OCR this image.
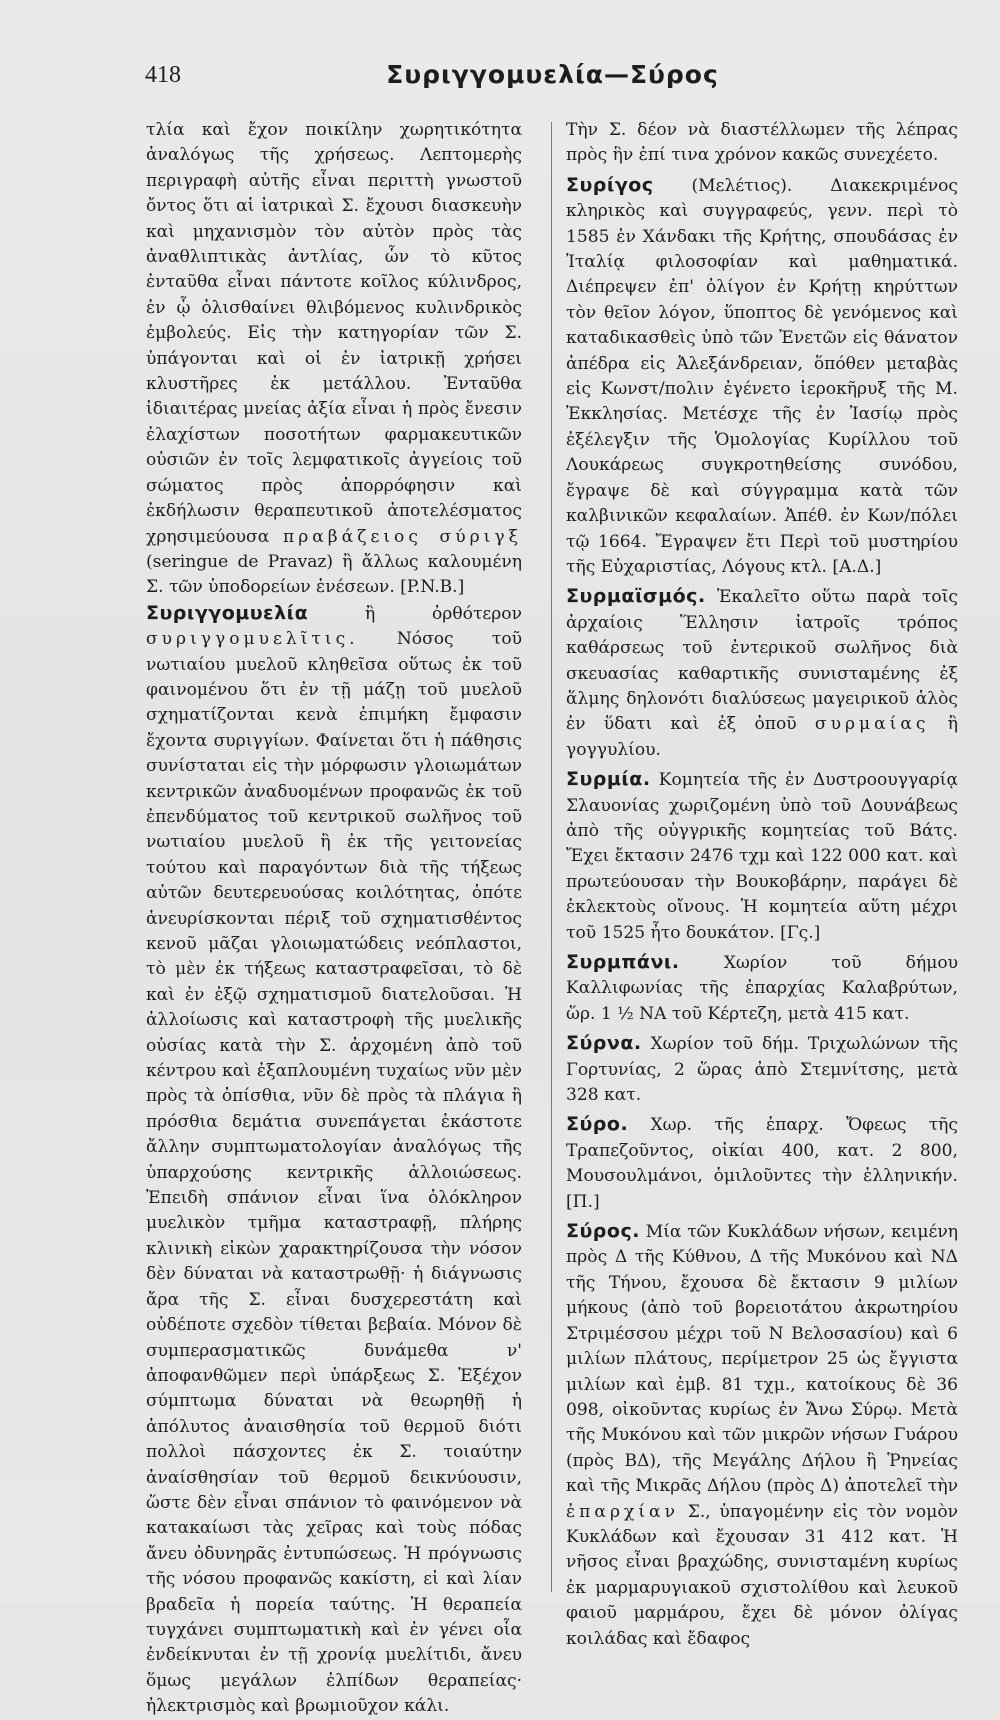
418	Συριγγομυελία—Σύρος

τλία καὶ ἔχον ποικίλην χωρητικότητα ἀναλόγως τῆς χρήσεως. Λεπτομερὴς περιγραφὴ αὐτῆς εἶναι περιττὴ γνωστοῦ ὄντος ὅτι αἱ ἰατρικαὶ Σ. ἔχουσι διασκευὴν καὶ μηχανισμὸν τὸν αὐτὸν πρὸς τὰς ἀναθλιπτικὰς ἀντλίας, ὧν τὸ κῦτος ἐνταῦθα εἶναι πάντοτε κοῖλος κύλινδρος, ἐν ᾧ ὀλισθαίνει θλιβόμενος κυλινδρικὸς ἐμβολεύς. Εἰς τὴν κατηγορίαν τῶν Σ. ὑπάγονται καὶ οἱ ἐν ἰατρικῇ χρήσει κλυστῆρες ἐκ μετάλλου. Ἐνταῦθα ἰδιαιτέρας μνείας ἀξία εἶναι ἡ πρὸς ἔνεσιν ἐλαχίστων ποσοτήτων φαρμακευτικῶν οὐσιῶν ἐν τοῖς λεμφατικοῖς ἀγγείοις τοῦ σώματος πρὸς ἀπορρόφησιν καὶ ἐκδήλωσιν θεραπευτικοῦ ἀποτελέσματος χρησιμεύουσα πραβάζειος σύριγξ (seringue de Pravaz) ἢ ἄλλως καλουμένη Σ. τῶν ὑποδορείων ἐνέσεων. [P.N.B.]

Συριγγομυελία	ἢ ὀρθότερον συριγγομυελῖτις. Νόσος τοῦ νωτιαίου μυελοῦ κληθεῖσα οὕτως ἐκ τοῦ φαινομένου ὅτι ἐν τῇ μάζῃ τοῦ μυελοῦ σχηματίζονται κενὰ ἐπιμήκη ἔμφασιν ἔχοντα συριγγίων. Φαίνεται ὅτι ἡ πάθησις συνίσταται εἰς τὴν μόρφωσιν γλοιωμάτων κεντρικῶν ἀναδυομένων προφανῶς ἐκ τοῦ ἐπενδύματος τοῦ κεντρικοῦ σωλῆνος τοῦ νωτιαίου μυελοῦ ἢ ἐκ τῆς γειτονείας τούτου καὶ παραγόντων διὰ τῆς τήξεως αὐτῶν δευτερευούσας κοιλότητας, ὁπότε ἀνευρίσκονται πέριξ τοῦ σχηματισθέντος κενοῦ μᾶζαι γλοιωματώδεις νεόπλαστοι, τὸ μὲν ἐκ τήξεως καταστραφεῖσαι, τὸ δὲ καὶ ἐν ἐξῷ σχηματισμοῦ διατελοῦσαι. Ἡ ἀλλοίωσις καὶ καταστροφὴ τῆς μυελικῆς οὐσίας κατὰ τὴν Σ. ἀρχομένη ἀπὸ τοῦ κέντρου καὶ ἐξαπλουμένη τυχαίως νῦν μὲν πρὸς τὰ ὀπίσθια, νῦν δὲ πρὸς τὰ πλάγια ἢ πρόσθια δεμάτια συνεπάγεται ἑκάστοτε ἄλλην συμπτωματολογίαν ἀναλόγως τῆς ὑπαρχούσης κεντρικῆς ἀλλοιώσεως. Ἐπειδὴ σπάνιον εἶναι ἵνα ὁλόκληρον μυελικὸν τμῆμα καταστραφῇ, πλήρης κλινικὴ εἰκὼν χαρακτηρίζουσα τὴν νόσον δὲν δύναται νὰ καταστρωθῇ· ἡ διάγνωσις ἄρα τῆς Σ. εἶναι δυσχερεστάτη καὶ οὐδέποτε σχεδὸν τίθεται βεβαία. Μόνον δὲ συμπερασματικῶς δυνάμεθα ν' ἀποφανθῶμεν περὶ ὑπάρξεως Σ. Ἐξέχον σύμπτωμα δύναται νὰ θεωρηθῇ ἡ ἀπόλυτος ἀναισθησία τοῦ θερμοῦ διότι πολλοὶ πάσχοντες ἐκ Σ. τοιαύτην ἀναίσθησίαν τοῦ θερμοῦ δεικνύουσιν, ὥστε δὲν εἶναι σπάνιον τὸ φαινόμενον νὰ κατακαίωσι τὰς χεῖρας καὶ τοὺς πόδας ἄνευ ὀδυνηρᾶς ἐντυπώσεως. Ἡ πρόγνωσις τῆς νόσου προφανῶς κακίστη, εἰ καὶ λίαν βραδεῖα ἡ πορεία ταύτης. Ἡ θεραπεία τυγχάνει συμπτωματικὴ καὶ ἐν γένει οἷα ἐνδείκνυται ἐν τῇ χρονίᾳ μυελίτιδι, ἄνευ ὅμως μεγάλων ἐλπίδων θεραπείας· ἠλεκτρισμὸς καὶ βρωμιοῦχον κάλι.

Τὴν Σ. δέον νὰ διαστέλλωμεν τῆς λέπρας πρὸς ἣν ἐπί τινα χρόνον κακῶς συνεχέετο.

Συρίγος (Μελέτιος). Διακεκριμένος κληρικὸς καὶ συγγραφεύς, γενν. περὶ τὸ 1585 ἐν Χάνδακι τῆς Κρήτης, σπουδάσας ἐν Ἰταλίᾳ φιλοσοφίαν καὶ μαθηματικά. Διέπρεψεν ἐπ' ὀλίγον ἐν Κρήτῃ κηρύττων τὸν θεῖον λόγον, ὕποπτος δὲ γενόμενος καὶ καταδικασθεὶς ὑπὸ τῶν Ἐνετῶν εἰς θάνατον ἀπέδρα εἰς Ἀλεξάνδρειαν, ὅπόθεν μεταβὰς εἰς Κωνστ/πολιν ἐγένετο ἱεροκῆρυξ τῆς Μ. Ἐκκλησίας. Μετέσχε τῆς ἐν Ἰασίῳ πρὸς ἐξέλεγξιν τῆς Ὁμολογίας Κυρίλλου τοῦ Λουκάρεως συγκροτηθείσης συνόδου, ἔγραψε δὲ καὶ σύγγραμμα κατὰ τῶν καλβινικῶν κεφαλαίων. Ἀπέθ. ἐν Κων/πόλει τῷ 1664. Ἔγραψεν ἔτι Περὶ τοῦ μυστηρίου τῆς Εὐχαριστίας, Λόγους κτλ. [Α.Δ.]

Συρμαϊσμός. Ἐκαλεῖτο οὕτω παρὰ τοῖς ἀρχαίοις Ἕλλησιν ἰατροῖς τρόπος καθάρσεως τοῦ ἐντερικοῦ σωλῆνος διὰ σκευασίας καθαρτικῆς συνισταμένης ἐξ ἅλμης δηλονότι διαλύσεως μαγειρικοῦ ἁλὸς ἐν ὕδατι καὶ ἐξ ὀποῦ συρμαίας ἢ γογγυλίου.

Συρμία. Κομητεία τῆς ἐν Δυστροουγγαρίᾳ Σλαυονίας χωριζομένη ὑπὸ τοῦ Δουνάβεως ἀπὸ τῆς οὐγγρικῆς κομητείας τοῦ Βάτς. Ἔχει ἔκτασιν 2476 τχμ καὶ 122 000 κατ. καὶ πρωτεύουσαν τὴν Βουκοβάρην, παράγει δὲ ἐκλεκτοὺς οἴνους. Ἡ κομητεία αὕτη μέχρι τοῦ 1525 ἦτο δουκάτον. [Γς.]

Συρμπάνι.	Χωρίον τοῦ δήμου Καλλιφωνίας τῆς ἐπαρχίας Καλαβρύτων, ὥρ. 1 ½ ΝΑ τοῦ Κέρτεζη, μετὰ 415 κατ.

Σύρνα. Χωρίον τοῦ δήμ. Τριχωλώνων τῆς Γορτυνίας, 2 ὥρας ἀπὸ Στεμνίτσης, μετὰ 328 κατ.

Σύρο. Χωρ. τῆς ἐπαρχ. Ὄφεως τῆς Τραπεζοῦντος, οἰκίαι 400, κατ. 2 800, Μουσουλμάνοι, ὁμιλοῦντες τὴν ἑλληνικήν. [Π.]

Σύρος. Μία τῶν Κυκλάδων νήσων, κειμένη πρὸς Δ τῆς Κύθνου, Δ τῆς Μυκόνου καὶ ΝΔ τῆς Τήνου, ἔχουσα δὲ ἔκτασιν 9 μιλίων μήκους (ἀπὸ τοῦ βορειοτάτου ἀκρωτηρίου Στριμέσσου μέχρι τοῦ Ν Βελοσασίου) καὶ 6 μιλίων πλάτους, περίμετρον 25 ὡς ἔγγιστα μιλίων καὶ ἐμβ. 81 τχμ., κατοίκους δὲ 36 098, οἰκοῦντας κυρίως ἐν Ἄνω Σύρῳ. Μετὰ τῆς Μυκόνου καὶ τῶν μικρῶν νήσων Γυάρου (πρὸς ΒΔ), τῆς Μεγάλης Δήλου ἢ Ῥηνείας καὶ τῆς Μικρᾶς Δήλου (πρὸς Δ) ἀποτελεῖ τὴν ἐπαρχίαν Σ., ὑπαγομένην εἰς τὸν νομὸν Κυκλάδων καὶ ἔχουσαν 31 412 κατ. Ἡ νῆσος εἶναι βραχώδης, συνισταμένη κυρίως ἐκ μαρμαρυγιακοῦ σχιστολίθου καὶ λευκοῦ φαιοῦ μαρμάρου, ἔχει δὲ μόνον ὀλίγας κοιλάδας καὶ ἔδαφος
